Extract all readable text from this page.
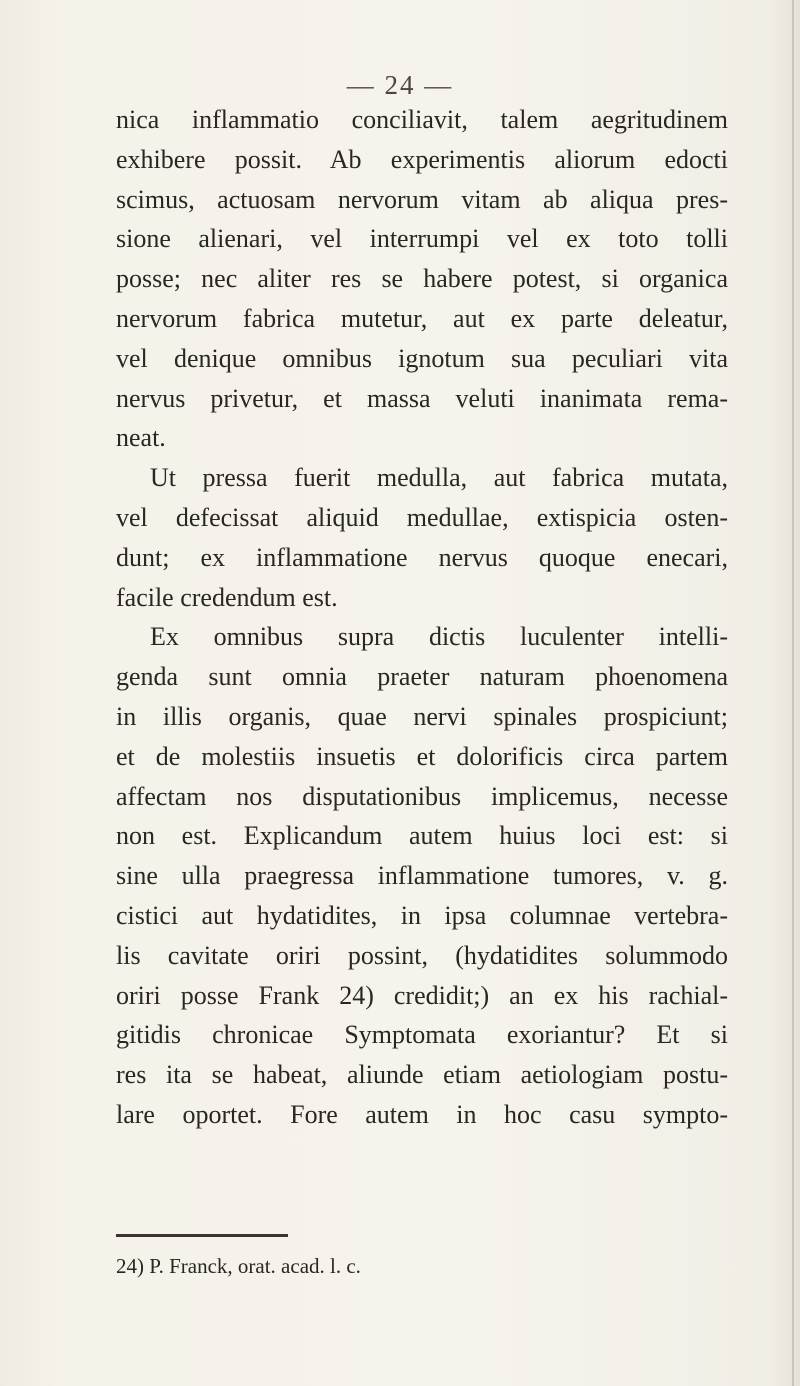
— 24 —
nica inflammatio conciliavit, talem aegritudinem
exhibere possit. Ab experimentis aliorum edocti
scimus, actuosam nervorum vitam ab aliqua pres-
sione alienari, vel interrumpi vel ex toto tolli
posse; nec aliter res se habere potest, si organica
nervorum fabrica mutetur, aut ex parte deleatur,
vel denique omnibus ignotum sua peculiari vita
nervus privetur, et massa veluti inanimata rema-
neat.
Ut pressa fuerit medulla, aut fabrica mutata,
vel defecissat aliquid medullae, extispicia osten-
dunt; ex inflammatione nervus quoque enecari,
facile credendum est.
Ex omnibus supra dictis luculenter intelli-
genda sunt omnia praeter naturam phoenomena
in illis organis, quae nervi spinales prospiciunt;
et de molestiis insuetis et dolorificis circa partem
affectam nos disputationibus implicemus, necesse
non est. Explicandum autem huius loci est: si
sine ulla praegressa inflammatione tumores, v. g.
cistici aut hydatidites, in ipsa columnae vertebra-
lis cavitate oriri possint, (hydatidites solummodo
oriri posse Frank 24) credidit;) an ex his rachial-
gitidis chronicae Symptomata exoriantur? Et si
res ita se habeat, aliunde etiam aetiologiam postu-
lare oportet. Fore autem in hoc casu sympto-
24) P. Franck, orat. acad. l. c.
